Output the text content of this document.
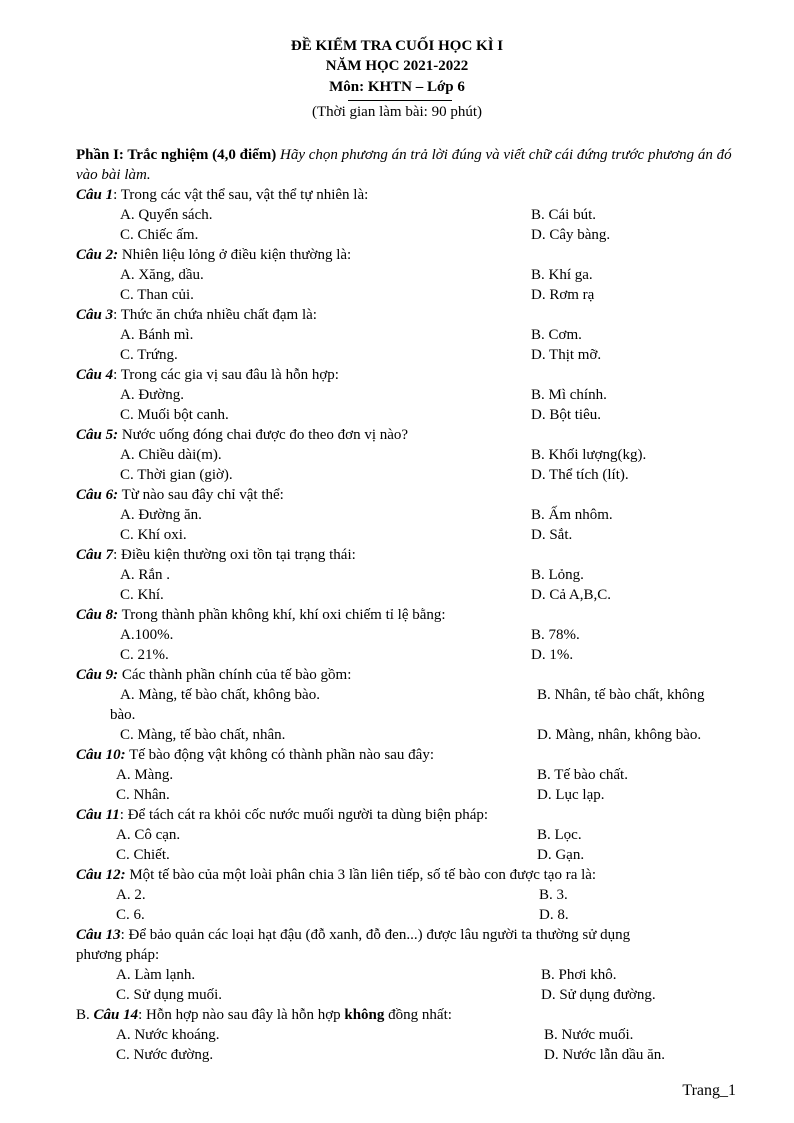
ĐỀ KIỂM TRA CUỐI HỌC KÌ I
NĂM HỌC 2021-2022
Môn: KHTN – Lớp 6
(Thời gian làm bài: 90 phút)
Phần I: Trắc nghiệm (4,0 điểm) Hãy chọn phương án trả lời đúng và viết chữ cái đứng trước phương án đó vào bài làm.
Câu 1: Trong các vật thể sau, vật thể tự nhiên là:
A. Quyển sách.	B. Cái bút.
C. Chiếc ấm.	D. Cây bàng.
Câu 2: Nhiên liệu lỏng ở điều kiện thường là:
A. Xăng, dầu.	B. Khí ga.
C. Than củi.	D. Rơm rạ
Câu 3: Thức ăn chứa nhiều chất đạm là:
A. Bánh mì.	B. Cơm.
C. Trứng.	D. Thịt mỡ.
Câu 4: Trong các gia vị sau đâu là hỗn hợp:
A. Đường.	B. Mì chính.
C. Muối bột canh.	D. Bột tiêu.
Câu 5: Nước uống đóng chai được đo theo đơn vị nào?
A. Chiều dài(m).	B. Khối lượng(kg).
C. Thời gian (giờ).	D. Thể tích (lít).
Câu 6: Từ nào sau đây chỉ vật thể:
A. Đường ăn.	B. Ấm nhôm.
C. Khí oxi.	D. Sắt.
Câu 7: Điều kiện thường oxi tồn tại trạng thái:
A. Rắn .	B. Lỏng.
C. Khí.	D. Cả A,B,C.
Câu 8: Trong thành phần không khí, khí oxi chiếm tỉ lệ bằng:
A.100%.	B. 78%.
C. 21%.	D. 1%.
Câu 9: Các thành phần chính của tế bào gồm:
A. Màng, tế bào chất, không bào.	B. Nhân, tế bào chất, không
bào.
C. Màng, tế bào chất, nhân.	D. Màng, nhân, không bào.
Câu 10: Tế bào động vật không có thành phần nào sau đây:
A. Màng.	B. Tế bào chất.
C. Nhân.	D. Lục lạp.
Câu 11: Để tách cát ra khỏi cốc nước muối người ta dùng biện pháp:
A. Cô cạn.	B. Lọc.
C. Chiết.	D. Gạn.
Câu 12: Một tế bào của một loài phân chia 3 lần liên tiếp, số tế bào con được tạo ra là:
A. 2.	B. 3.
C. 6.	D. 8.
Câu 13: Để bảo quản các loại hạt đậu (đỗ xanh, đỗ đen...) được lâu người ta thường sử dụng
phương pháp:
A. Làm lạnh.	B. Phơi khô.
C. Sử dụng muối.	D. Sử dụng đường.
B. Câu 14: Hỗn hợp nào sau đây là hỗn hợp không đồng nhất:
A. Nước khoáng.	B. Nước muối.
C. Nước đường.	D. Nước lẫn dầu ăn.
Trang_1
